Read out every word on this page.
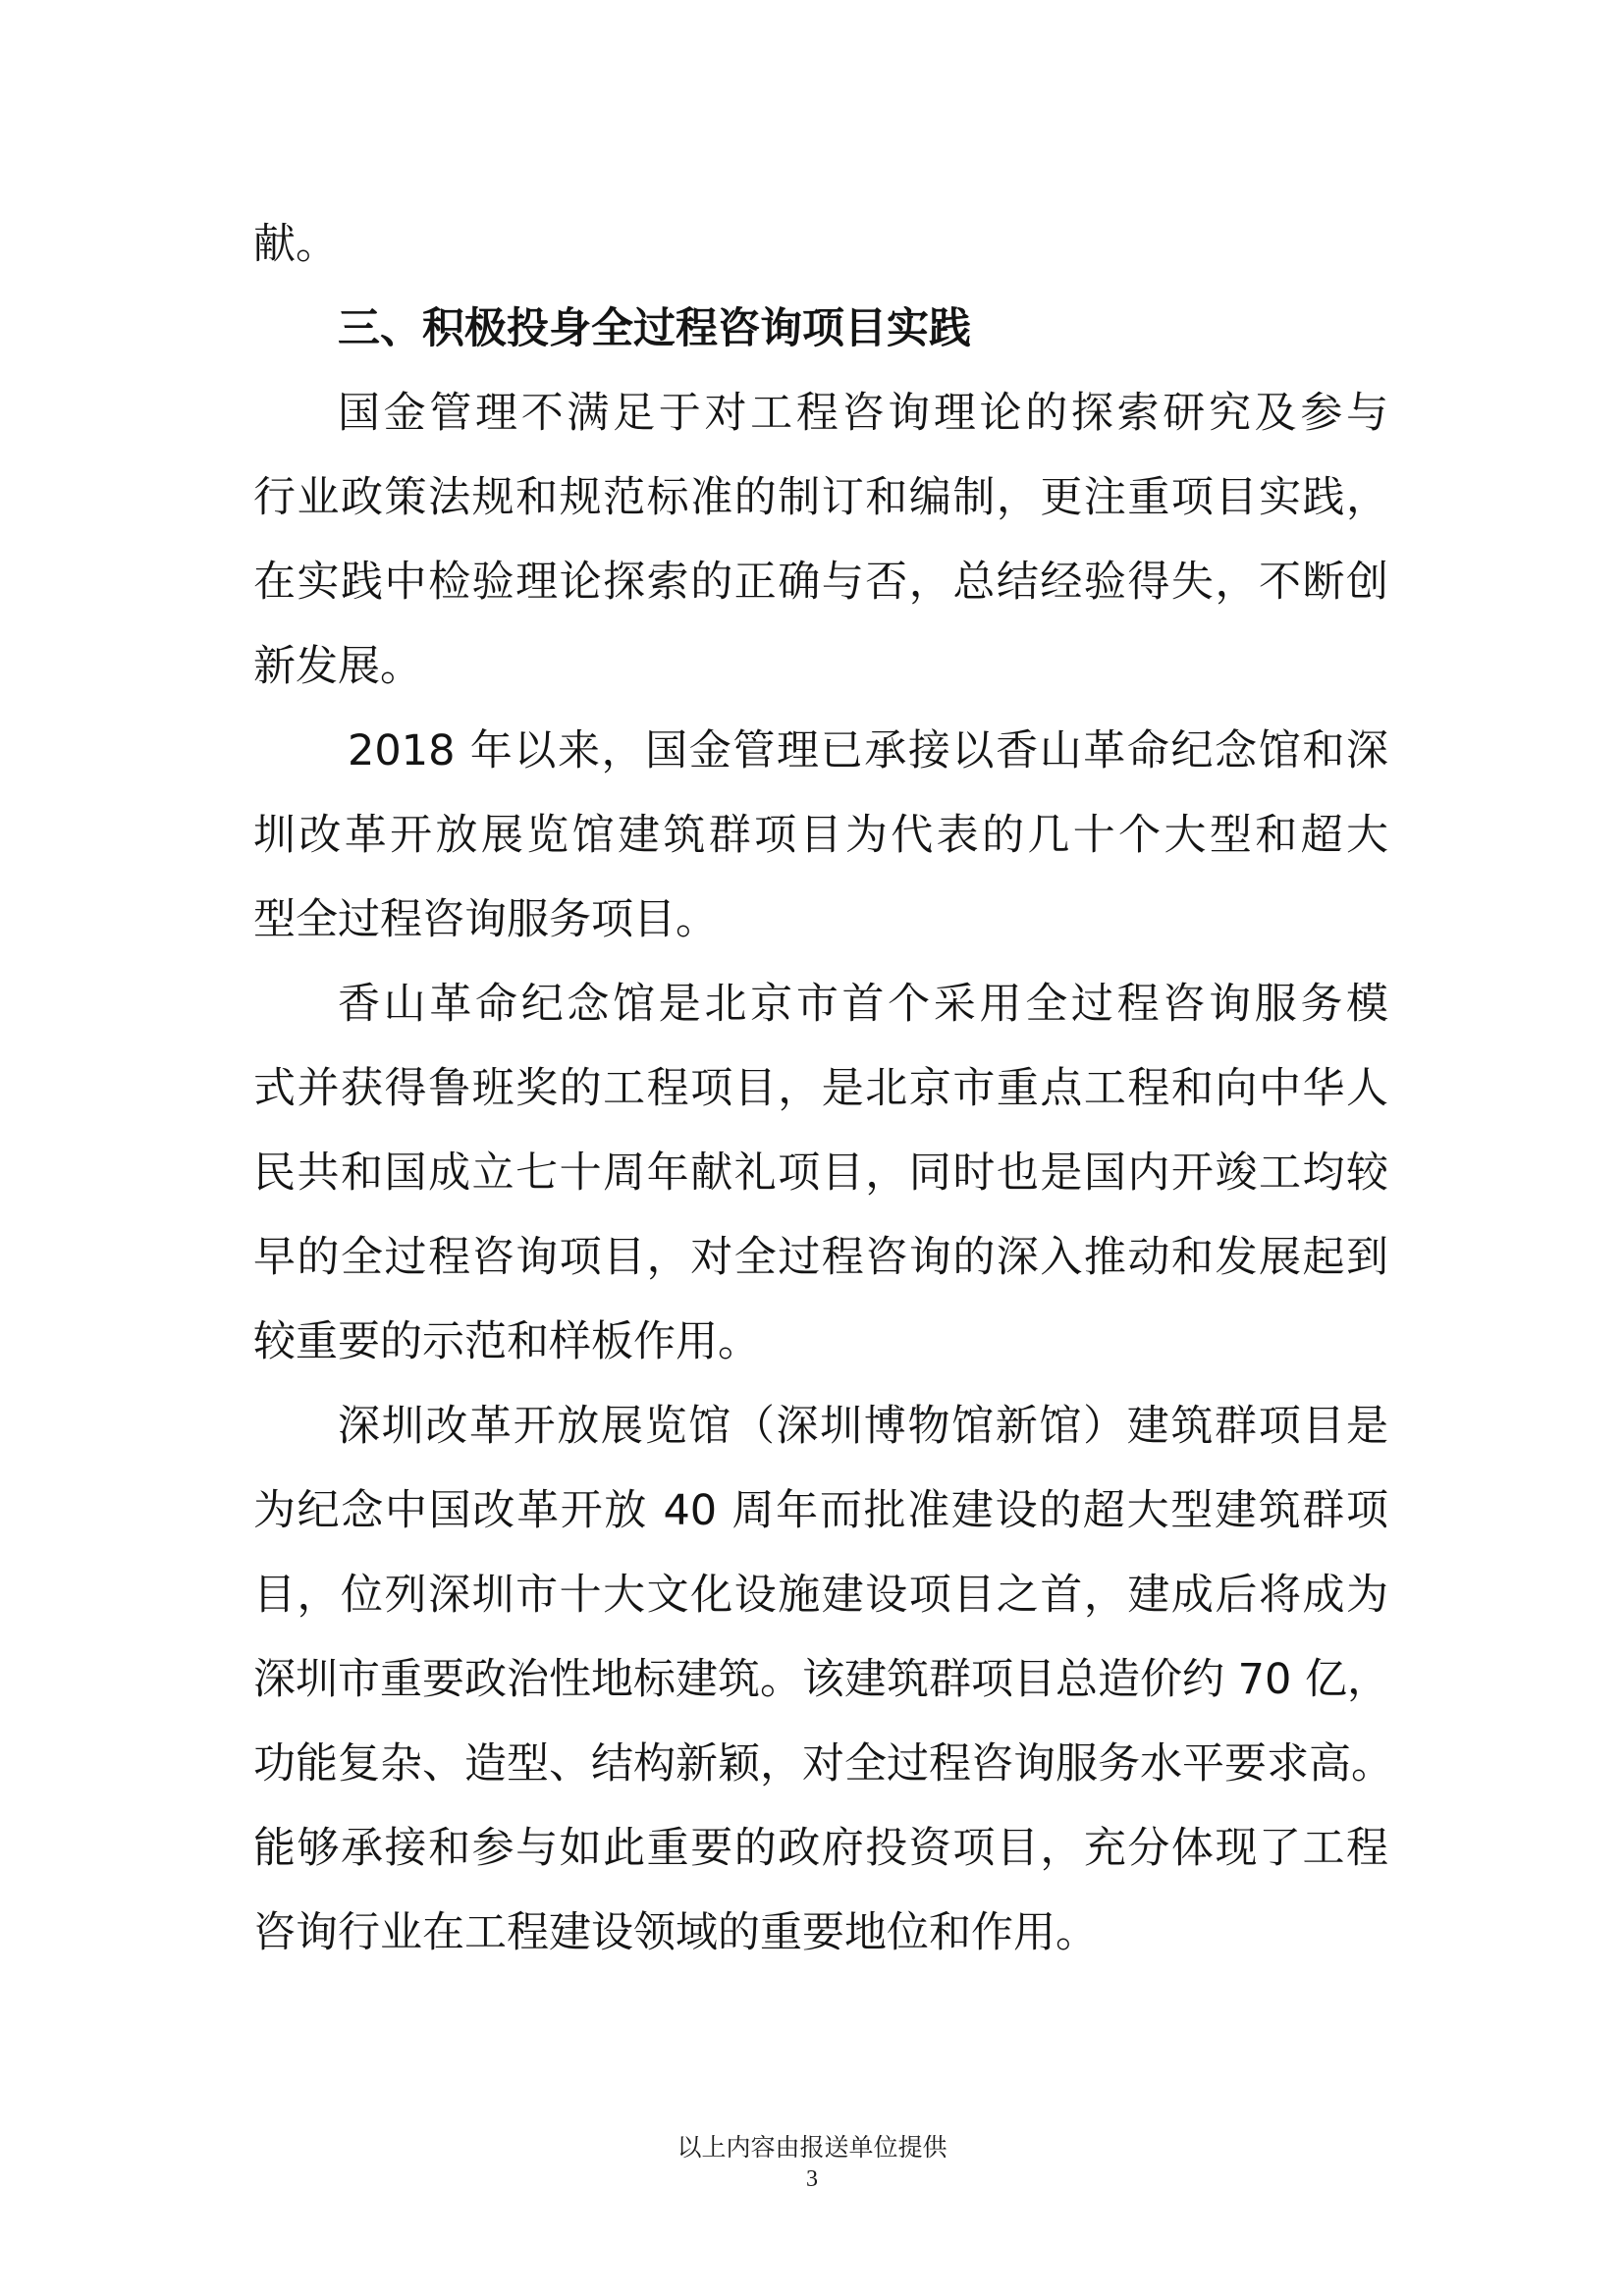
献。
三、积极投身全过程咨询项目实践
国金管理不满足于对工程咨询理论的探索研究及参与
行业政策法规和规范标准的制订和编制，更注重项目实践，
在实践中检验理论探索的正确与否，总结经验得失，不断创
新发展。
2018 年以来，国金管理已承接以香山革命纪念馆和深
圳改革开放展览馆建筑群项目为代表的几十个大型和超大
型全过程咨询服务项目。
香山革命纪念馆是北京市首个采用全过程咨询服务模
式并获得鲁班奖的工程项目，是北京市重点工程和向中华人
民共和国成立七十周年献礼项目，同时也是国内开竣工均较
早的全过程咨询项目，对全过程咨询的深入推动和发展起到
较重要的示范和样板作用。
深圳改革开放展览馆（深圳博物馆新馆）建筑群项目是
为纪念中国改革开放 40 周年而批准建设的超大型建筑群项
目，位列深圳市十大文化设施建设项目之首，建成后将成为
深圳市重要政治性地标建筑。该建筑群项目总造价约 70 亿，
功能复杂、造型、结构新颖，对全过程咨询服务水平要求高。
能够承接和参与如此重要的政府投资项目，充分体现了工程
咨询行业在工程建设领域的重要地位和作用。
以上内容由报送单位提供
3
